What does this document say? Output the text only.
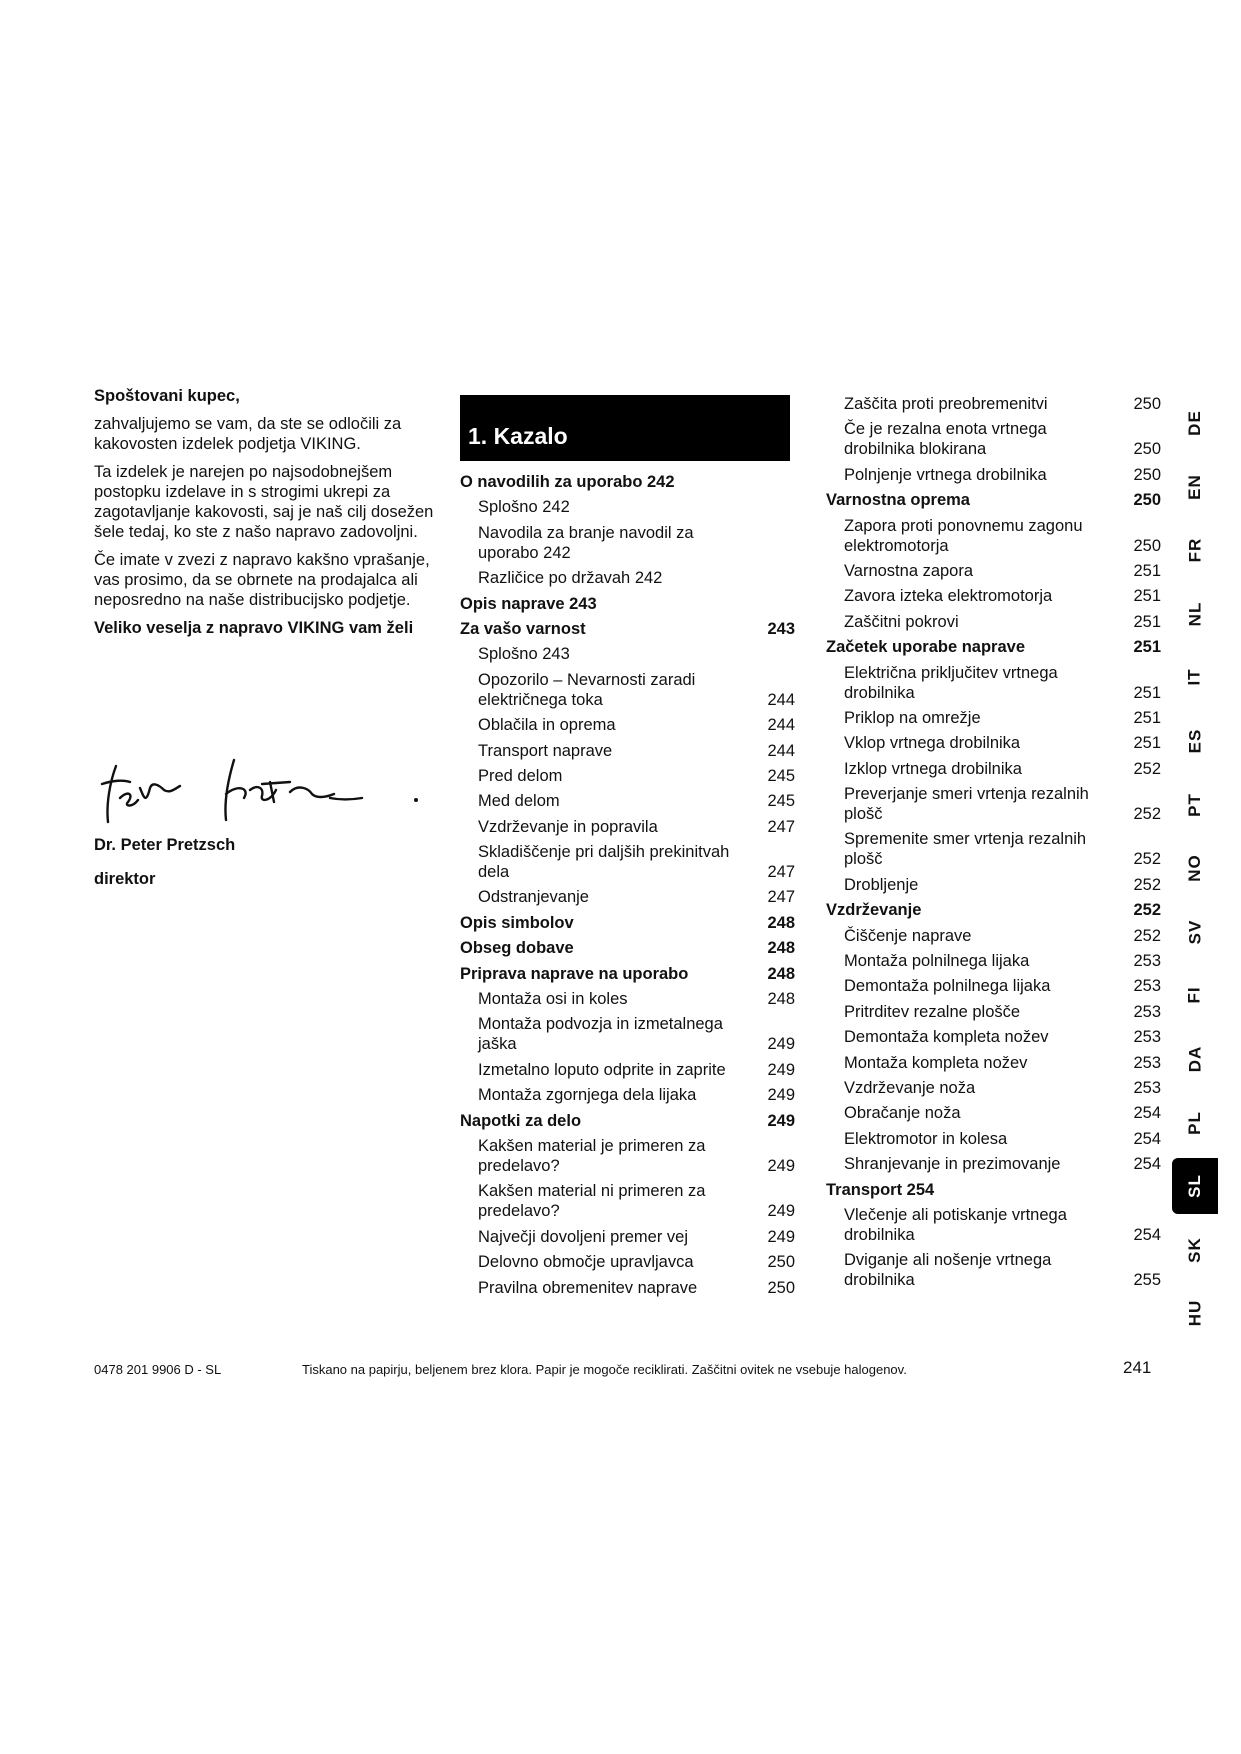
Spoštovani kupec,

zahvaljujemo se vam, da ste se odločili za kakovosten izdelek podjetja VIKING.

Ta izdelek je narejen po najsodobnejšem postopku izdelave in s strogimi ukrepi za zagotavljanje kakovosti, saj je naš cilj dosežen šele tedaj, ko ste z našo napravo zadovoljni.

Če imate v zvezi z napravo kakšno vprašanje, vas prosimo, da se obrnete na prodajalca ali neposredno na naše distribucijsko podjetje.

Veliko veselja z napravo VIKING vam želi

Dr. Peter Pretzsch
direktor
1. Kazalo
O navodilih za uporabo 242
Splošno 242
Navodila za branje navodil za uporabo 242
Različice po državah 242
Opis naprave 243
Za vašo varnost	243
Splošno 243
Opozorilo – Nevarnosti zaradi električnega toka	244
Oblačila in oprema	244
Transport naprave	244
Pred delom	245
Med delom	245
Vzdrževanje in popravila	247
Skladiščenje pri daljših prekinitvah dela	247
Odstranjevanje	247
Opis simbolov	248
Obseg dobave	248
Priprava naprave na uporabo	248
Montaža osi in koles	248
Montaža podvozja in izmetalnega jaška	249
Izmetalno loputo odprite in zaprite	249
Montaža zgornjega dela lijaka	249
Napotki za delo	249
Kakšen material je primeren za predelavo?	249
Kakšen material ni primeren za predelavo?	249
Največji dovoljeni premer vej	249
Delovno območje upravljavca	250
Pravilna obremenitev naprave	250
Zaščita proti preobremenitvi	250
Če je rezalna enota vrtnega drobilnika blokirana	250
Polnjenje vrtnega drobilnika	250
Varnostna oprema	250
Zapora proti ponovnemu zagonu elektromotorja	250
Varnostna zapora	251
Zavora izteka elektromotorja	251
Zaščitni pokrovi	251
Začetek uporabe naprave	251
Električna priključitev vrtnega drobilnika	251
Priklop na omrežje	251
Vklop vrtnega drobilnika	251
Izklop vrtnega drobilnika	252
Preverjanje smeri vrtenja rezalnih plošč	252
Spremenite smer vrtenja rezalnih plošč	252
Drobljenje	252
Vzdrževanje	252
Čiščenje naprave	252
Montaža polnilnega lijaka	253
Demontaža polnilnega lijaka	253
Pritrditev rezalne plošče	253
Demontaža kompleta nožev	253
Montaža kompleta nožev	253
Vzdrževanje noža	253
Obračanje noža	254
Elektromotor in kolesa	254
Shranjevanje in prezimovanje	254
Transport 254
Vlečenje ali potiskanje vrtnega drobilnika	254
Dviganje ali nošenje vrtnega drobilnika	255
DE
EN
FR
NL
IT
ES
PT
NO
SV
FI
DA
PL
SL
SK
HU
0478 201 9906 D - SL	Tiskano na papirju, beljenem brez klora. Papir je mogoče reciklirati. Zaščitni ovitek ne vsebuje halogenov.	241
